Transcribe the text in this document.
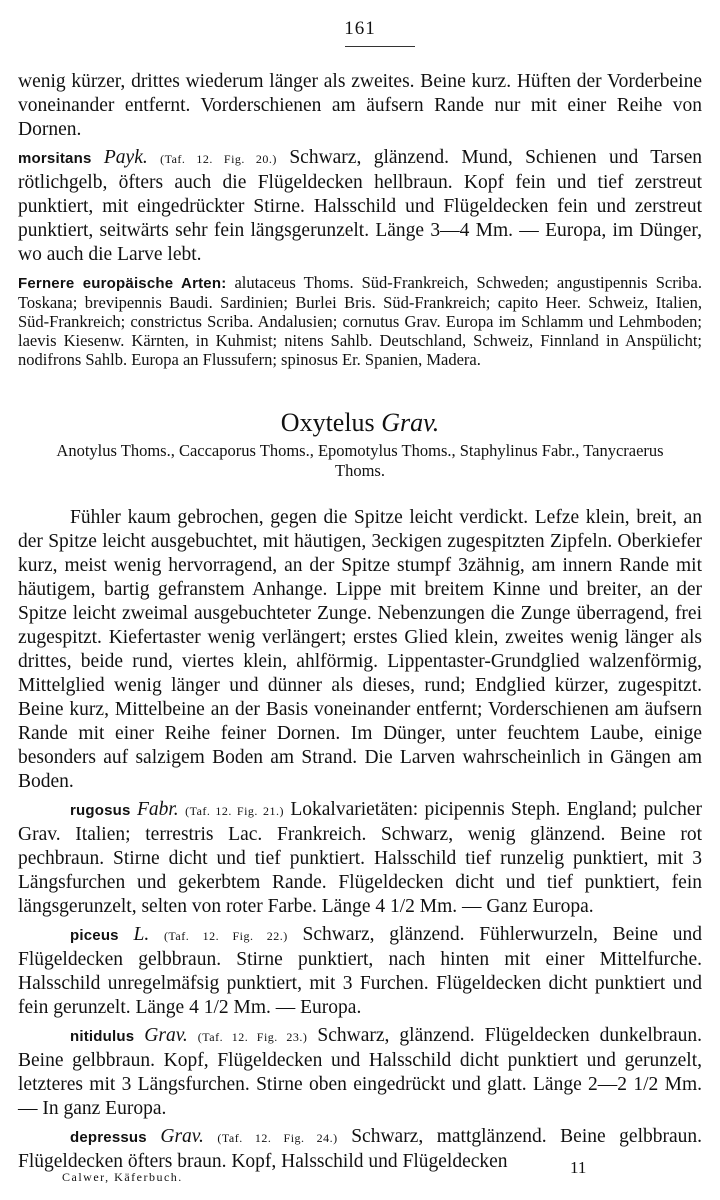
161

wenig kürzer, drittes wiederum länger als zweites. Beine kurz. Hüften der Vorderbeine voneinander entfernt. Vorderschienen am äufsern Rande nur mit einer Reihe von Dornen.

morsitans Payk. (Taf. 12. Fig. 20.) Schwarz, glänzend. Mund, Schienen und Tarsen rötlichgelb, öfters auch die Flügeldecken hellbraun. Kopf fein und tief zerstreut punktiert, mit eingedrückter Stirne. Halsschild und Flügeldecken fein und zerstreut punktiert, seitwärts sehr fein längsgerunzelt. Länge 3—4 Mm. — Europa, im Dünger, wo auch die Larve lebt.

Fernere europäische Arten: alutaceus Thoms. Süd-Frankreich, Schweden; angustipennis Scriba. Toskana; brevipennis Baudi. Sardinien; Burlei Bris. Süd-Frankreich; capito Heer. Schweiz, Italien, Süd-Frankreich; constrictus Scriba. Andalusien; cornutus Grav. Europa im Schlamm und Lehmboden; laevis Kiesenw. Kärnten, in Kuhmist; nitens Sahlb. Deutschland, Schweiz, Finnland in Anspülicht; nodifrons Sahlb. Europa an Flussufern; spinosus Er. Spanien, Madera.

Oxytelus Grav.
Anotylus Thoms., Caccaporus Thoms., Epomotylus Thoms., Staphylinus Fabr., Tanycraerus Thoms.

Fühler kaum gebrochen, gegen die Spitze leicht verdickt. Lefze klein, breit, an der Spitze leicht ausgebuchtet, mit häutigen, 3eckigen zugespitzten Zipfeln. Oberkiefer kurz, meist wenig hervorragend, an der Spitze stumpf 3zähnig, am innern Rande mit häutigem, bartig gefranstem Anhange. Lippe mit breitem Kinne und breiter, an der Spitze leicht zweimal ausgebuchteter Zunge. Nebenzungen die Zunge überragend, frei zugespitzt. Kiefertaster wenig verlängert; erstes Glied klein, zweites wenig länger als drittes, beide rund, viertes klein, ahlförmig. Lippentaster-Grundglied walzenförmig, Mittelglied wenig länger und dünner als dieses, rund; Endglied kürzer, zugespitzt. Beine kurz, Mittelbeine an der Basis voneinander entfernt; Vorderschienen am äufsern Rande mit einer Reihe feiner Dornen. Im Dünger, unter feuchtem Laube, einige besonders auf salzigem Boden am Strand. Die Larven wahrscheinlich in Gängen am Boden.

rugosus Fabr. (Taf. 12. Fig. 21.) Lokalvarietäten: picipennis Steph. England; pulcher Grav. Italien; terrestris Lac. Frankreich. Schwarz, wenig glänzend. Beine rot pechbraun. Stirne dicht und tief punktiert. Halsschild tief runzelig punktiert, mit 3 Längsfurchen und gekerbtem Rande. Flügeldecken dicht und tief punktiert, fein längsgerunzelt, selten von roter Farbe. Länge 4 1/2 Mm. — Ganz Europa.

piceus L. (Taf. 12. Fig. 22.) Schwarz, glänzend. Fühlerwurzeln, Beine und Flügeldecken gelbbraun. Stirne punktiert, nach hinten mit einer Mittelfurche. Halsschild unregelmäfsig punktiert, mit 3 Furchen. Flügeldecken dicht punktiert und fein gerunzelt. Länge 4 1/2 Mm. — Europa.

nitidulus Grav. (Taf. 12. Fig. 23.) Schwarz, glänzend. Flügeldecken dunkelbraun. Beine gelbbraun. Kopf, Flügeldecken und Halsschild dicht punktiert und gerunzelt, letzteres mit 3 Längsfurchen. Stirne oben eingedrückt und glatt. Länge 2—2 1/2 Mm. — In ganz Europa.

depressus Grav. (Taf. 12. Fig. 24.) Schwarz, mattglänzend. Beine gelbbraun. Flügeldecken öfters braun. Kopf, Halsschild und Flügeldecken

Calwer, Käferbuch.	11
